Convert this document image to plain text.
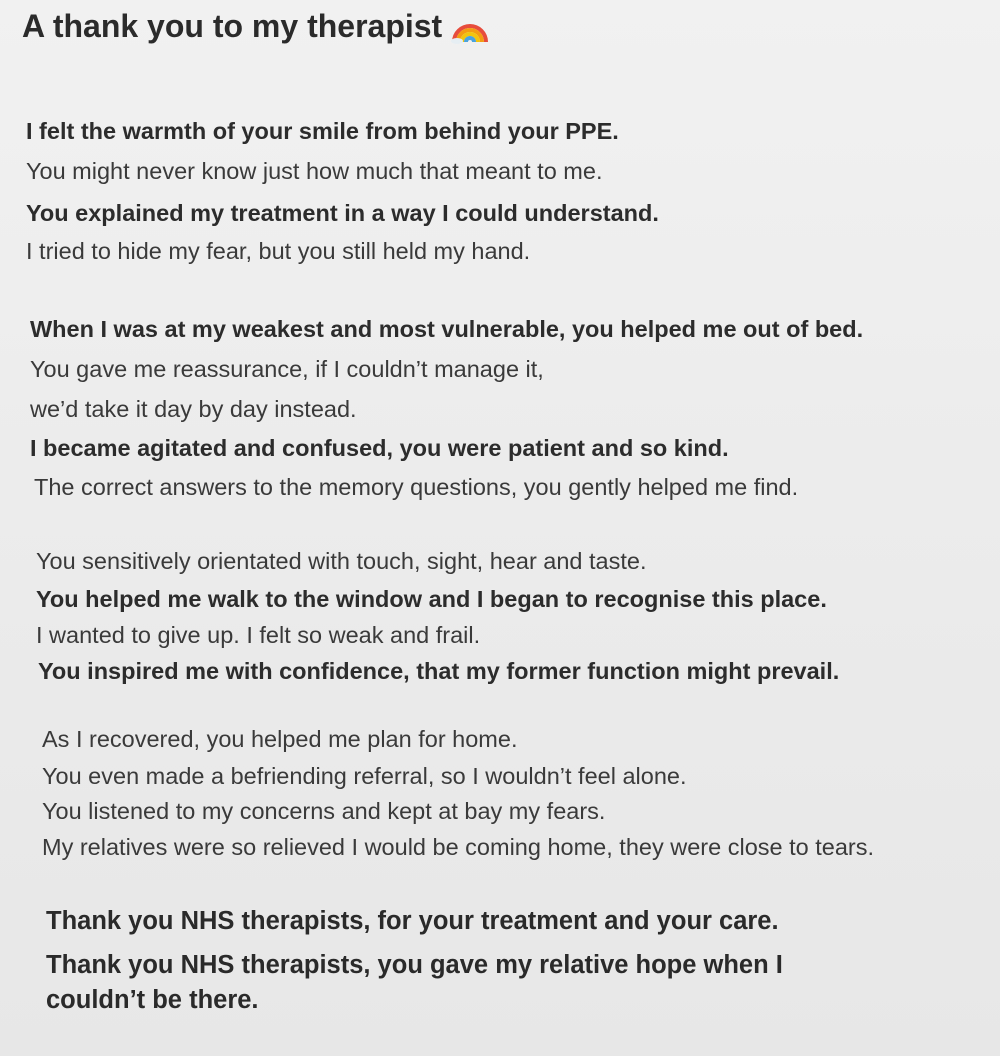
A thank you to my therapist

I felt the warmth of your smile from behind your PPE.

You might never know just how much that meant to me.

You explained my treatment in a way I could understand.

I tried to hide my fear, but you still held my hand.

When I was at my weakest and most vulnerable, you helped me out of bed.

You gave me reassurance, if I couldn’t manage it,

we’d take it day by day instead.

I became agitated and confused, you were patient and so kind.

The correct answers to the memory questions, you gently helped me find.

You sensitively orientated with touch, sight, hear and taste.

You helped me walk to the window and I began to recognise this place.

I wanted to give up. I felt so weak and frail.

You inspired me with confidence, that my former function might prevail.

As I recovered, you helped me plan for home.

You even made a befriending referral, so I wouldn’t feel alone.

You listened to my concerns and kept at bay my fears.

My relatives were so relieved I would be coming home, they were close to tears.

Thank you NHS therapists, for your treatment and your care.

Thank you NHS therapists, you gave my relative hope when I

couldn’t be there.
